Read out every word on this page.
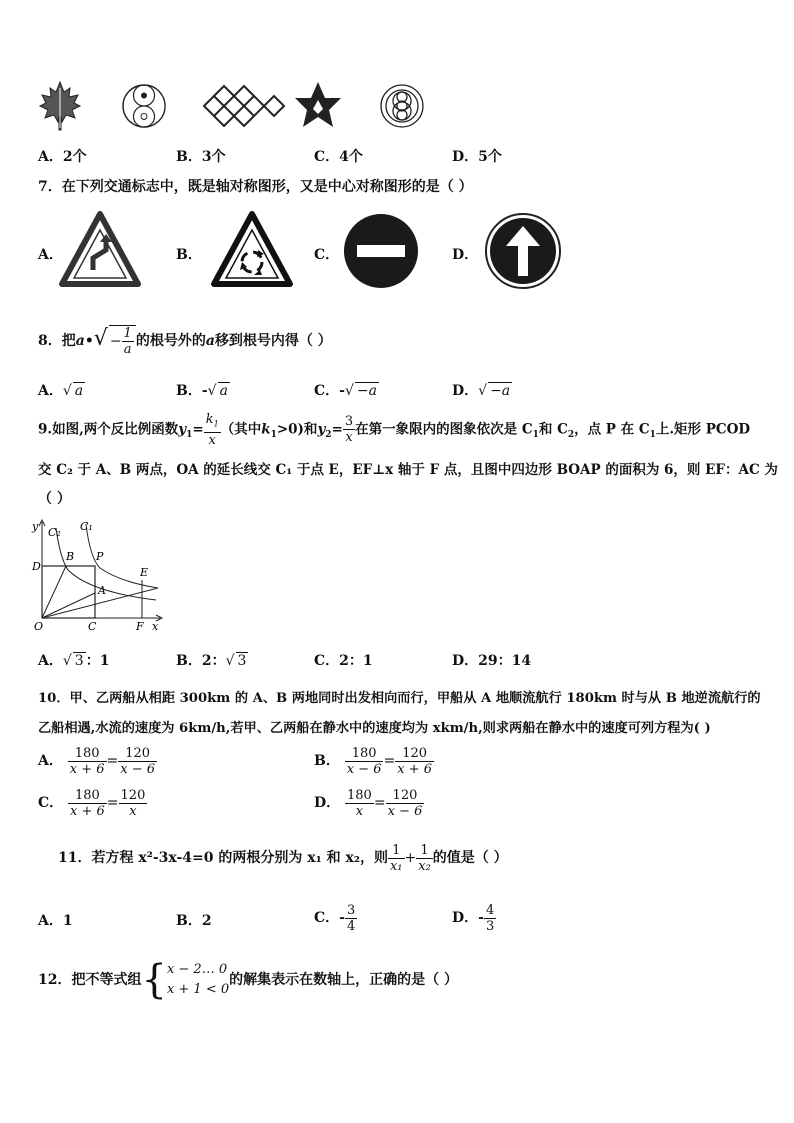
A．2个	B．3个	C．4个	D．5个
7．在下列交通标志中，既是轴对称图形，又是中心对称图形的是（ ）
A．	B．	C．	D．
8．把a•√ − $\frac{1}{a}$ 的根号外的a移到根号内得（ ）
A．√ a	B．-√ a	C．-√ −a	D．√ −a
9.如图,两个反比例函数$y_1= \frac{k_1}{x}$ （其中$k_1>0$)和$y_2= \frac{3}{x}$ 在第一象限内的图象依次是 $C_1$和 $C_2$，点 P 在 $C_1$上.矩形 PCOD
交 C₂ 于 A、B 两点，OA 的延长线交 C₁ 于点 E，EF⊥x 轴于 F 点，且图中四边形 BOAP 的面积为 6，则 EF：AC 为
（ ）
y C₂ C₁
B P
D	E
A
O	C	F x
A．√ 3 ：1	B．2：√ 3	C．2：1	D．29：14
10．甲、乙两船从相距 300km 的 A、B 两地同时出发相向而行，甲船从 A 地顺流航行 180km 时与从 B 地逆流航行的
乙船相遇,水流的速度为 6km/h,若甲、乙两船在静水中的速度均为 xkm/h,则求两船在静水中的速度可列方程为( )
A． $\frac{180}{x + 6} = \frac{120}{x - 6}$	B． $\frac{180}{x - 6} = \frac{120}{x + 6}$
C． $\frac{180}{x + 6} = \frac{120}{x}$	D． $\frac{180}{x} = \frac{120}{x - 6}$
11．若方程 x²-3x-4=0 的两根分别为 x₁ 和 x₂，则 $\frac{1}{\text{x₁}} + \frac{1}{\text{x₂}}$ 的值是（ ）
A．1	B．2	C．- $\frac{3}{4}$	D．- $\frac{4}{3}$
12．把不等式组{ x − 2… 0
x + 1 < 0
的解集表示在数轴上，正确的是（ ）
